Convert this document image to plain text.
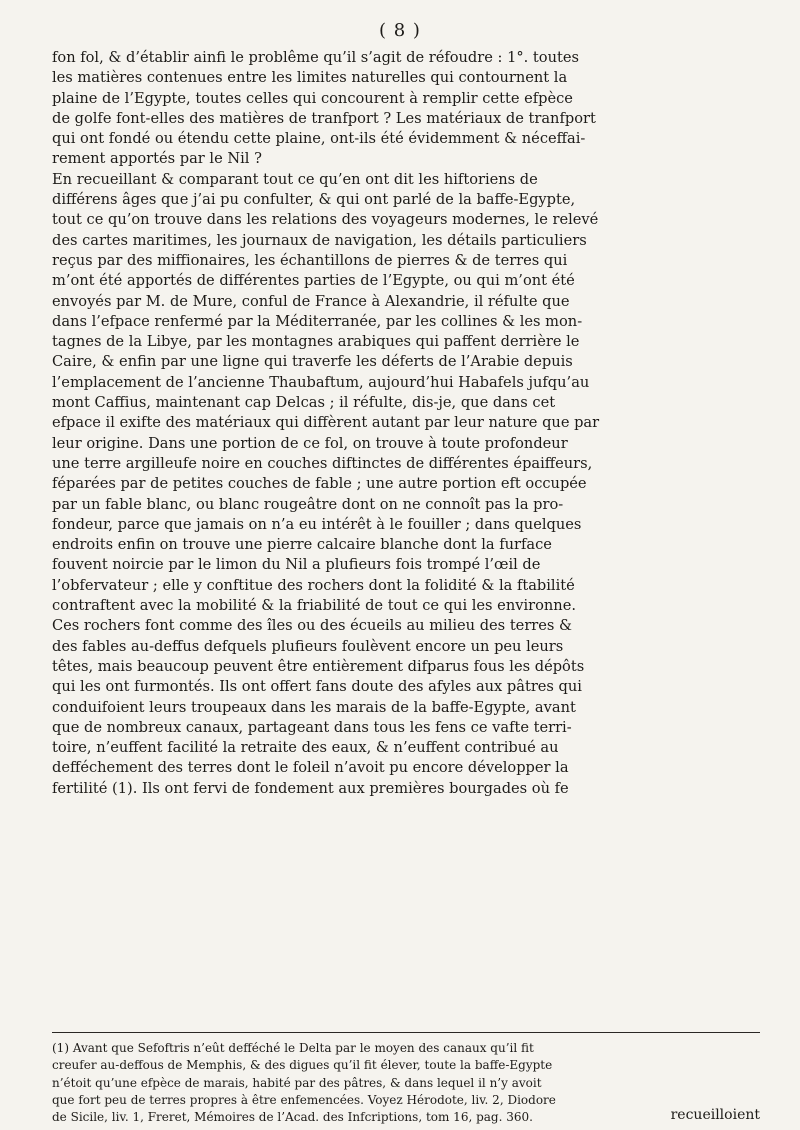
( 8 )
fon fol, & d’établir ainfi le problême qu’il s’agit de réfoudre : 1°. toutes
les matières contenues entre les limites naturelles qui contournent la
plaine de l’Egypte, toutes celles qui concourent à remplir cette efpèce
de golfe font-elles des matières de tranfport ? Les matériaux de tranfport
qui ont fondé ou étendu cette plaine, ont-ils été évidemment & néceffai-
rement apportés par le Nil ?
En recueillant & comparant tout ce qu’en ont dit les hiftoriens de
différens âges que j’ai pu confulter, & qui ont parlé de la baffe-Egypte,
tout ce qu’on trouve dans les relations des voyageurs modernes, le relevé
des cartes maritimes, les journaux de navigation, les détails particuliers
reçus par des miffionaires, les échantillons de pierres & de terres qui
m’ont été apportés de différentes parties de l’Egypte, ou qui m’ont été
envoyés par M. de Mure, conful de France à Alexandrie, il réfulte que
dans l’efpace renfermé par la Méditerranée, par les collines & les mon-
tagnes de la Libye, par les montagnes arabiques qui paffent derrière le
Caire, & enfin par une ligne qui traverfe les déferts de l’Arabie depuis
l’emplacement de l’ancienne Thaubaftum, aujourd’hui Habafels jufqu’au
mont Caffius, maintenant cap Delcas ; il réfulte, dis-je, que dans cet
efpace il exifte des matériaux qui diffèrent autant par leur nature que par
leur origine. Dans une portion de ce fol, on trouve à toute profondeur
une terre argilleufe noire en couches diftinctes de différentes épaiffeurs,
féparées par de petites couches de fable ; une autre portion eft occupée
par un fable blanc, ou blanc rougeâtre dont on ne connoît pas la pro-
fondeur, parce que jamais on n’a eu intérêt à le fouiller ; dans quelques
endroits enfin on trouve une pierre calcaire blanche dont la furface
fouvent noircie par le limon du Nil a plufieurs fois trompé l’œil de
l’obfervateur ; elle y conftitue des rochers dont la folidité & la ftabilité
contraftent avec la mobilité & la friabilité de tout ce qui les environne.
Ces rochers font comme des îles ou des écueils au milieu des terres &
des fables au-deffus defquels plufieurs foulèvent encore un peu leurs
têtes, mais beaucoup peuvent être entièrement difparus fous les dépôts
qui les ont furmontés. Ils ont offert fans doute des afyles aux pâtres qui
conduifoient leurs troupeaux dans les marais de la baffe-Egypte, avant
que de nombreux canaux, partageant dans tous les fens ce vafte terri-
toire, n’euffent facilité la retraite des eaux, & n’euffent contribué au
defféchement des terres dont le foleil n’avoit pu encore développer la
fertilité (1). Ils ont fervi de fondement aux premières bourgades où fe
(1) Avant que Sefoftris n’eût defféché le Delta par le moyen des canaux qu’il fit
creufer au-deffous de Memphis, & des digues qu’il fit élever, toute la baffe-Egypte
n’étoit qu’une efpèce de marais, habité par des pâtres, & dans lequel il n’y avoit
que fort peu de terres propres à être enfemencées. Voyez Hérodote, liv. 2, Diodore
de Sicile, liv. 1, Freret, Mémoires de l’Acad. des Infcriptions, tom 16, pag. 360.	recueilloient
